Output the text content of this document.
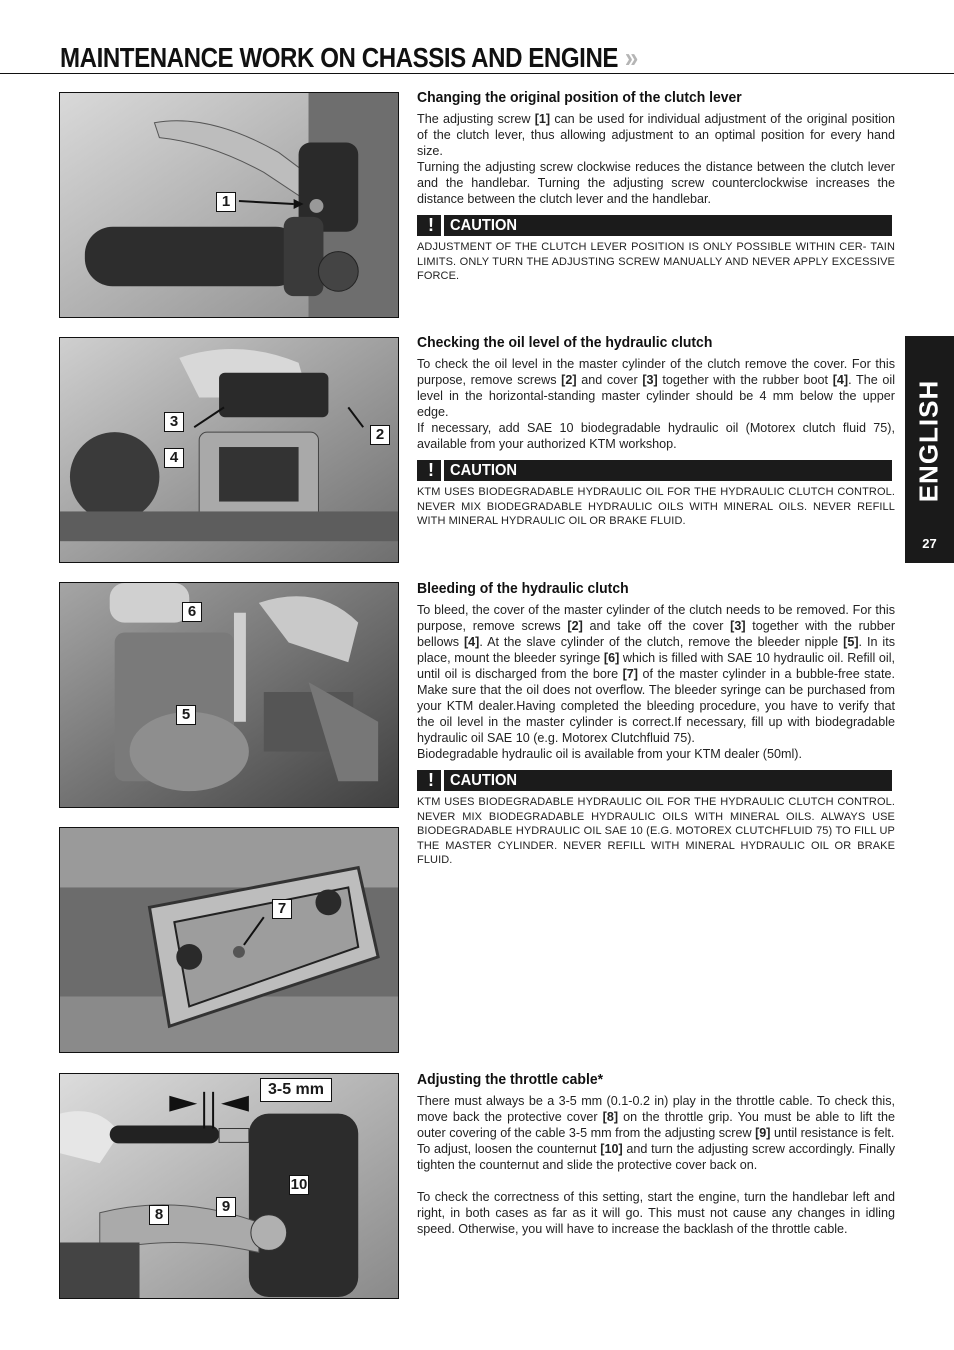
MAINTENANCE WORK ON CHASSIS AND ENGINE »
ENGLISH
27
1
3
4
2
6
5
7
3-5 mm
10
8	9
Changing the original position of the clutch lever

The adjusting screw [1] can be used for individual adjustment of the original position of the clutch lever, thus allowing adjustment to an optimal position for every hand size.

Turning the adjusting screw clockwise reduces the distance between the clutch lever and the handlebar. Turning the adjusting screw counterclockwise increases the distance between the clutch lever and the handlebar.

!	CAUTION

ADJUSTMENT OF THE CLUTCH LEVER POSITION IS ONLY POSSIBLE WITHIN CER- TAIN LIMITS. ONLY TURN THE ADJUSTING SCREW MANUALLY AND NEVER APPLY EXCESSIVE FORCE.

Checking the oil level of the hydraulic clutch

To check the oil level in the master cylinder of the clutch remove the cover. For this purpose, remove screws [2] and cover [3] together with the rubber boot [4]. The oil level in the horizontal-standing master cylinder should be 4 mm below the upper edge.

If necessary, add SAE 10 biodegradable hydraulic oil (Motorex clutch fluid 75), available from your authorized KTM workshop.

!	CAUTION

KTM USES BIODEGRADABLE HYDRAULIC OIL FOR THE HYDRAULIC CLUTCH CONTROL. NEVER MIX BIODEGRADABLE HYDRAULIC OILS WITH MINERAL OILS. NEVER REFILL WITH MINERAL HYDRAULIC OIL OR BRAKE FLUID.

Bleeding of the hydraulic clutch

To bleed, the cover of the master cylinder of the clutch needs to be removed. For this purpose, remove screws [2] and take off the cover [3] together with the rubber bellows [4]. At the slave cylinder of the clutch, remove the bleeder nipple [5]. In its place, mount the bleeder syringe [6] which is filled with SAE 10 hydraulic oil. Refill oil, until oil is discharged from the bore [7] of the master cylinder in a bubble-free state. Make sure that the oil does not overflow. The bleeder syringe can be purchased from your KTM dealer.Having completed the bleeding procedure, you have to verify that the oil level in the master cylinder is correct.If necessary, fill up with biodegradable hydraulic oil SAE 10 (e.g. Motorex Clutchfluid 75).

Biodegradable hydraulic oil is available from your KTM dealer (50ml).

!	CAUTION

KTM USES BIODEGRADABLE HYDRAULIC OIL FOR THE HYDRAULIC CLUTCH CONTROL. NEVER MIX BIODEGRADABLE HYDRAULIC OILS WITH MINERAL OILS. ALWAYS USE BIODEGRADABLE HYDRAULIC OIL SAE 10 (E.G. MOTOREX CLUTCHFLUID 75) TO FILL UP THE MASTER CYLINDER. NEVER REFILL WITH MINERAL HYDRAULIC OIL OR BRAKE FLUID.

Adjusting the throttle cable*

There must always be a 3-5 mm (0.1-0.2 in) play in the throttle cable. To check this, move back the protective cover [8] on the throttle grip. You must be able to lift the outer covering of the cable 3-5 mm from the adjusting screw [9] until resistance is felt.

To adjust, loosen the counternut [10] and turn the adjusting screw accordingly. Finally tighten the counternut and slide the protective cover back on.

To check the correctness of this setting, start the engine, turn the handlebar left and right, in both cases as far as it will go. This must not cause any changes in idling speed. Otherwise, you will have to increase the backlash of the throttle cable.
